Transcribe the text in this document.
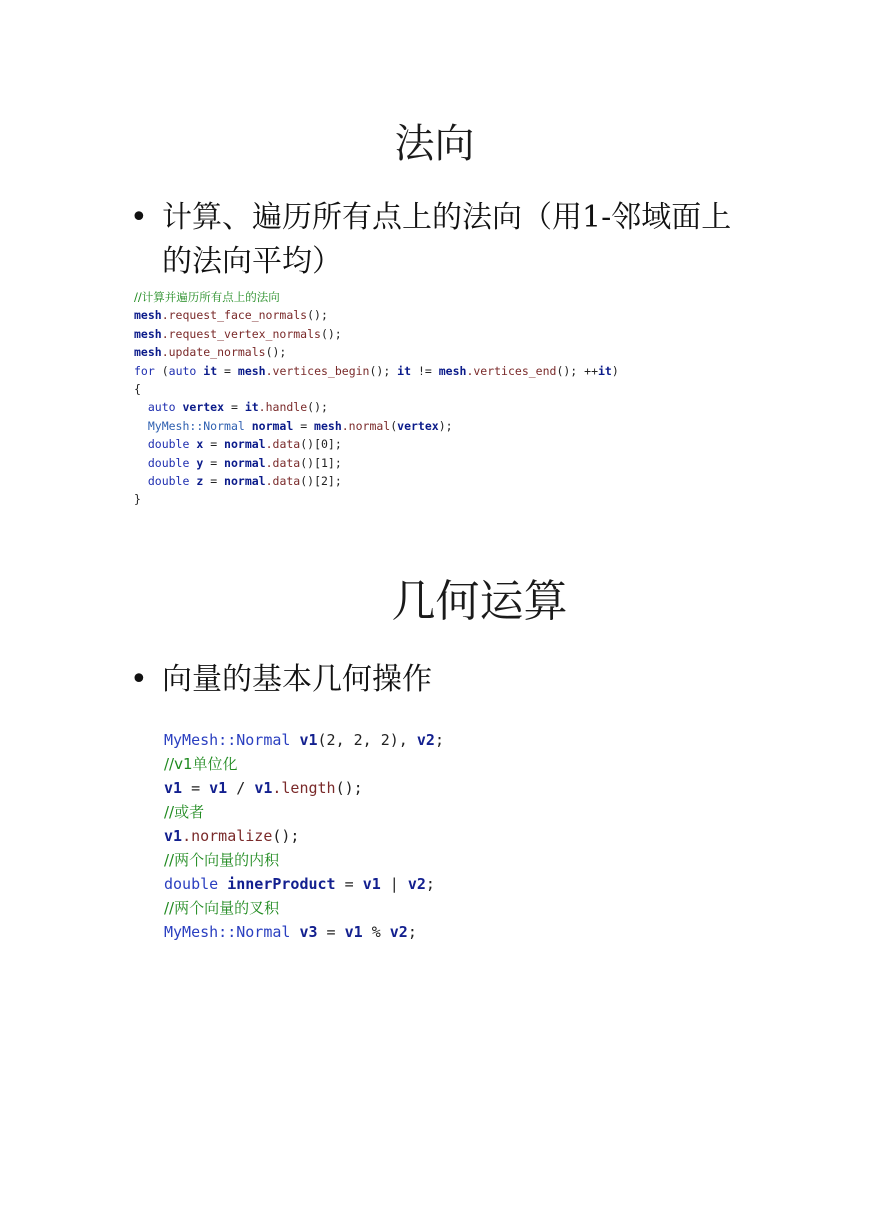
法向
• 计算、遍历所有点上的法向（用1-邻域面上的法向平均）
//计算并遍历所有点上的法向
mesh.request_face_normals();
mesh.request_vertex_normals();
mesh.update_normals();
for (auto it = mesh.vertices_begin(); it != mesh.vertices_end(); ++it)
{
auto vertex = it.handle();
MyMesh::Normal normal = mesh.normal(vertex);
double x = normal.data()[0];
double y = normal.data()[1];
double z = normal.data()[2];
}
几何运算
• 向量的基本几何操作
MyMesh::Normal v1(2, 2, 2), v2;
//v1单位化
v1 = v1 / v1.length();
//或者
v1.normalize();
//两个向量的内积
double innerProduct = v1 | v2;
//两个向量的叉积
MyMesh::Normal v3 = v1 % v2;
